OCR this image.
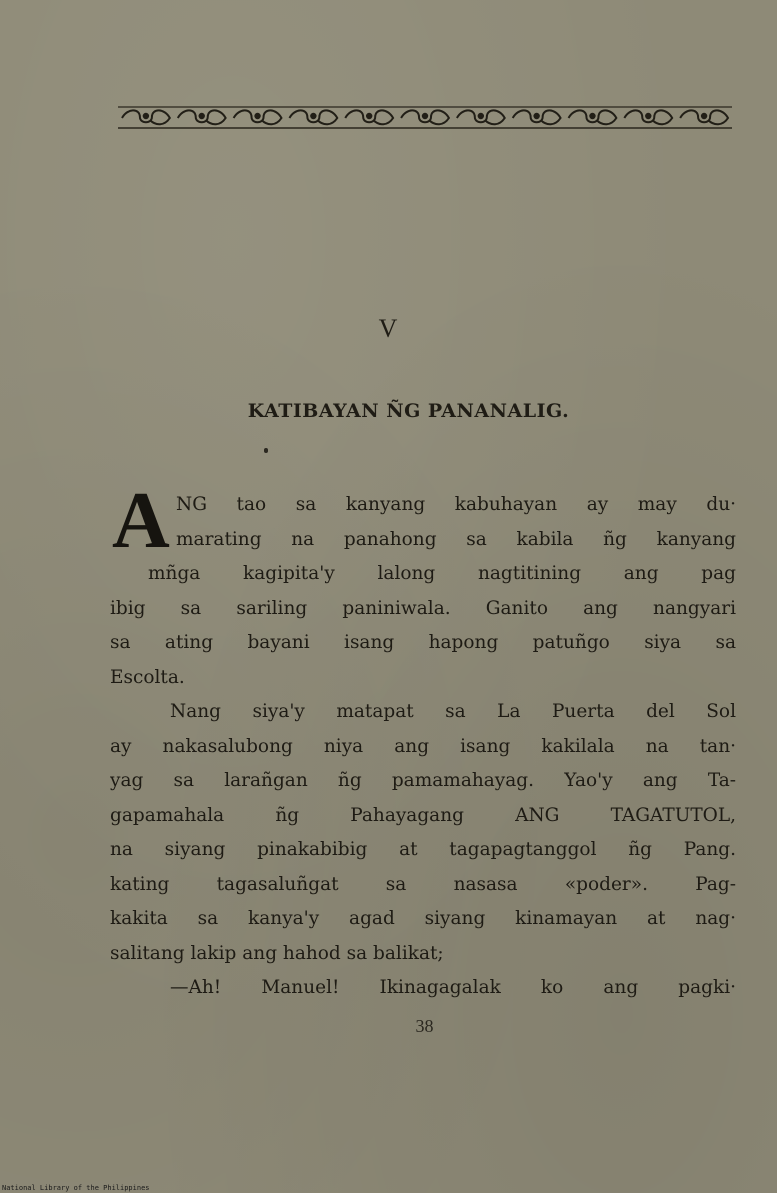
V
KATIBAYAN ÑG PANANALIG.
A NG tao sa kanyang kabuhayan ay may du·
marating na panahong sa kabila ñg kanyang
mñga kagipita'y lalong nagtitining ang pag
ibig sa sariling paniniwala. Ganito ang nangyari
sa ating bayani isang hapong patuñgo siya sa
Escolta.
Nang siya'y matapat sa La Puerta del Sol
ay nakasalubong niya ang isang kakilala na tan·
yag sa larañgan ñg pamamahayag. Yao'y ang Ta-
gapamahala ñg Pahayagang ANG TAGATUTOL,
na siyang pinakabibig at tagapagtanggol ñg Pang.
kating tagasaluñgat sa nasasa «poder». Pag-
kakita sa kanya'y agad siyang kinamayan at nag·
salitang lakip ang hahod sa balikat;
—Ah! Manuel! Ikinagagalak ko ang pagki·
38
National Library of the Philippines
